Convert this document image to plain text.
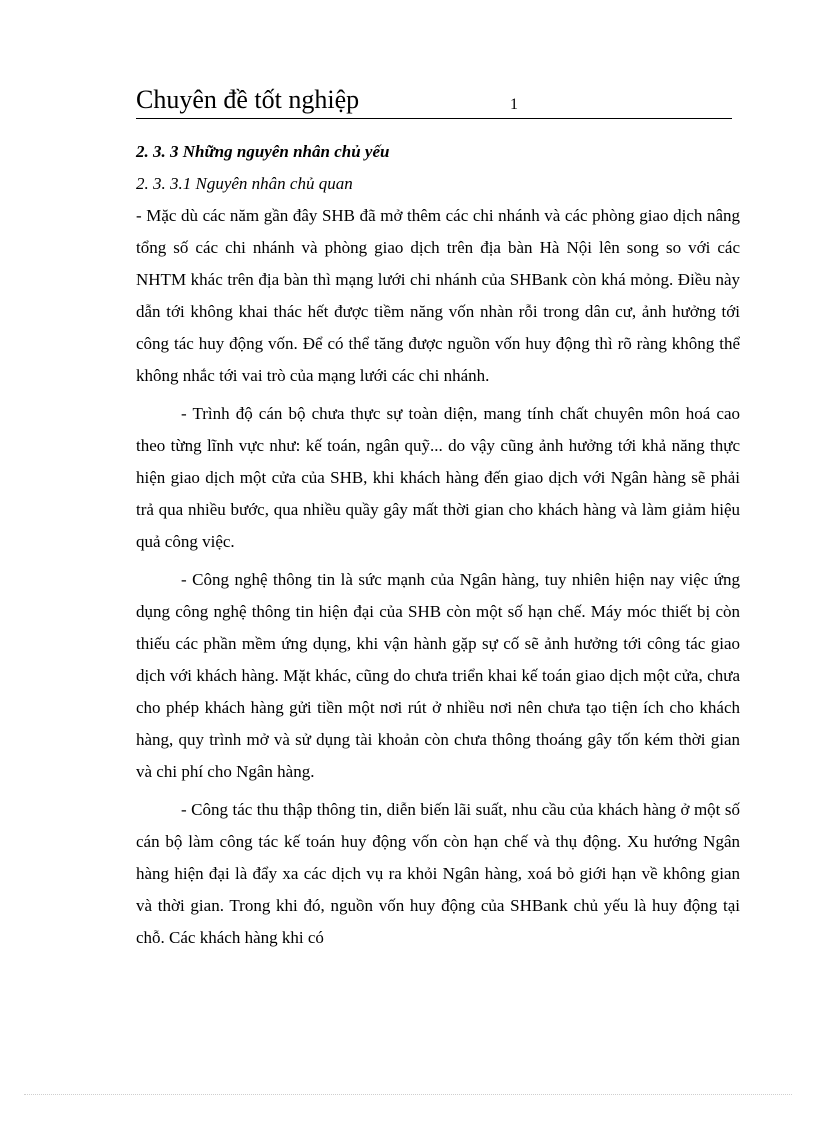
Chuyên đề tốt nghiệp	1

2. 3. 3 Những nguyên nhân chủ yếu

2. 3. 3.1 Nguyên nhân chủ quan

- Mặc dù các năm gần đây SHB đã mở thêm các chi nhánh và các phòng giao dịch nâng tổng số các chi nhánh và phòng giao dịch trên địa bàn Hà Nội lên song so với các NHTM khác trên địa bàn thì mạng lưới chi nhánh của SHBank còn khá mỏng. Điều này dẫn tới không khai thác hết được tiềm năng vốn nhàn rỗi trong dân cư, ảnh hưởng tới công tác huy động vốn. Để có thể tăng được nguồn vốn huy động thì rõ ràng không thể không nhắc tới vai trò của mạng lưới các chi nhánh.

- Trình độ cán bộ chưa thực sự toàn diện, mang tính chất chuyên môn hoá cao theo từng lĩnh vực như: kế toán, ngân quỹ... do vậy cũng ảnh hưởng tới khả năng thực hiện giao dịch một cửa của SHB, khi khách hàng đến giao dịch với Ngân hàng sẽ phải trả qua nhiều bước, qua nhiều quầy gây mất thời gian cho khách hàng và làm giảm hiệu quả công việc.

- Công nghệ thông tin là sức mạnh của Ngân hàng, tuy nhiên hiện nay việc ứng dụng công nghệ thông tin hiện đại của SHB còn một số hạn chế. Máy móc thiết bị còn thiếu các phần mềm ứng dụng, khi vận hành gặp sự cố sẽ ảnh hưởng tới công tác giao dịch với khách hàng. Mặt khác, cũng do chưa triển khai kế toán giao dịch một cửa, chưa cho phép khách hàng gửi tiền một nơi rút ở nhiều nơi nên chưa tạo tiện ích cho khách hàng, quy trình mở và sử dụng tài khoản còn chưa thông thoáng gây tốn kém thời gian và chi phí cho Ngân hàng.

- Công tác thu thập thông tin, diễn biến lãi suất, nhu cầu của khách hàng ở một số cán bộ làm công tác kế toán huy động vốn còn hạn chế và thụ động. Xu hướng Ngân hàng hiện đại là đẩy xa các dịch vụ ra khỏi Ngân hàng, xoá bỏ giới hạn về không gian và thời gian. Trong khi đó, nguồn vốn huy động của SHBank chủ yếu là huy động tại chỗ. Các khách hàng khi có
